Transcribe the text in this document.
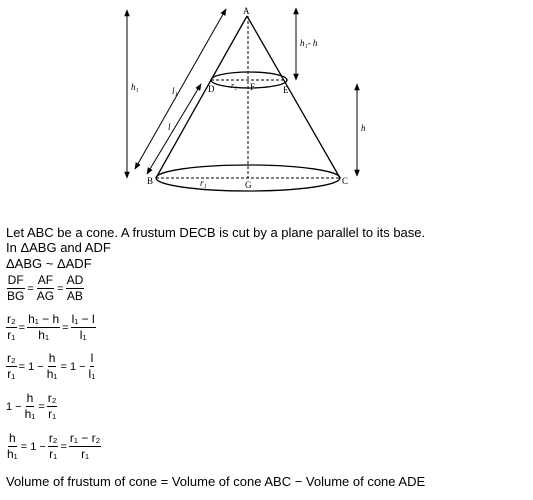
A
B	C
D	E
F
G
h₁
h₁- h
h
l₁
l
r₁
r₂
Let ABC be a cone. A frustum DECB is cut by a plane parallel to its base.
In ΔABG and ADF
ΔABG ~ ΔADF
$\frac{DF}{BG} = \frac{AF}{AG} = \frac{AD}{AB}$
$\frac{\text{r₂}}{\text{r₁}} = \frac{\text{h₁ − h}}{\text{h₁}} = \frac{\text{l₁ − l}}{\text{l₁}}$
$\frac{\text{r₂}}{\text{r₁}} = 1 - \frac{h}{\text{h₁}} = 1 - \frac{l}{\text{l₁}}$
$1 - \frac{h}{\text{h₁}} = \frac{\text{r₂}}{\text{r₁}}$
$\frac{h}{\text{h₁}} = 1 - \frac{\text{r₂}}{\text{r₁}} = \frac{\text{r₁ − r₂}}{\text{r₁}}$
Volume of frustum of cone = Volume of cone ABC − Volume of cone ADE
